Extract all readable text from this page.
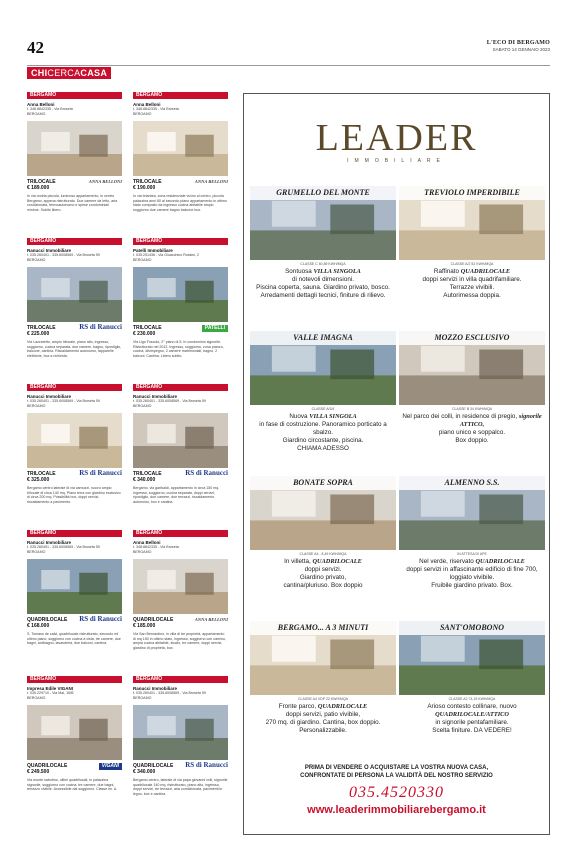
42	L'ECO DI BERGAMO
SABATO 14 GENNAIO 2023
CHICERCACASA
BERGAMO
Anna Belloni
t. 348.8842335 - Via Broseta
BERGAMO
TRILOCALE
€ 189.000
ANNA BELLONI
In via orobia piccola, luminoso appartamento, in centro Bergamo, appena ristrutturato. Due camere da letto, aria condizionata, termoautonomo e spese condominiali minime. Subito libero.
BERGAMO
Ranucci Immobiliare
t. 035.260401 - 335.6008569 - Via Broseta 59
BERGAMO
TRILOCALE
€ 225.000
RS di Ranucci
Via Lazzaretto, ampio trilocale, piano alto, ingresso, soggiorno, cucina separata, due camere, bagno, ripostiglio, balcone, cantina. Riscaldamento autonomo, tapparelle elettriche, box a richiesta.
BERGAMO
Ranucci Immobiliare
t. 035.260401 - 335.6008569 - Via Broseta 59
BERGAMO
TRILOCALE
€ 325.000
RS di Ranucci
Bergamo centro laterale di via camozzi, nuovo ampio trilocale di circa 140 mq. Piano terra con giardino esclusivo di circa 200 mq. Possibilità box, doppi servizi, riscaldamento a pavimento.
BERGAMO
Ranucci Immobiliare
t. 035.260401 - 335.6008569 - Via Broseta 59
BERGAMO
QUADRILOCALE
€ 168.000
RS di Ranucci
S. Tomaso de calvi, quadrilocale ristrutturato, secondo ed ultimo piano, soggiorno con cucina a vista, tre camere, due bagni, antibagno, lavanderia, due balconi, cantina.
BERGAMO
Impresa Edile VIGANI
t. 035.229710 - Via Mai, 16/B
BERGAMO
QUADRILOCALE
€ 249.500
VIGANI
Via monte sabotino, ultimi quadrilocali, in palazzina signorile, soggiorno con cucina, tre camere, due bagni, terrazzo vivibile. Accessibile dal soggiorno. Classe en. A.
BERGAMO
Anna Belloni
t. 348.8842335 - Via Broseta
BERGAMO
TRILOCALE
€ 190.000
ANNA BELLONI
In via briantea, zona residenziale vicino al centro, piccola palazzina anni 80 al secondo piano appartamento in ottimo stato composto da ingresso cucina abitabile ampio soggiorno due camere bagno balcone box.
BERGAMO
Patelli Immobiliare
t. 035.251436 - Via Gioacchino Rossini, 2
BERGAMO
TRILOCALE
€ 230.000
PATELLI
Via Ugo Foscolo, 2° piano di 5. In condominio signorile. Ristrutturato nel 2012. Ingresso, soggiorno, zona pranzo, cucina, disimpegno, 2 camere matrimoniali, bagno, 2 balconi. Cantina. Libero subito.
BERGAMO
Ranucci Immobiliare
t. 035.260401 - 335.6008569 - Via Broseta 59
BERGAMO
TRILOCALE
€ 340.000
RS di Ranucci
Bergamo, via garibaldi, appartamento in circa 150 mq. Ingresso, soggiorno, cucina separata, doppi servizi, ripostiglio, due camere, due terrazzi, riscaldamento autonomo, box e cantina.
BERGAMO
Anna Belloni
t. 348.8842335 - Via Broseta
BERGAMO
QUADRILOCALE
€ 185.000
ANNA BELLONI
Via San Bernardino, in villa di tre proprietà, appartamento di mq 150 in ottimo stato, ingresso, soggiorno con camino, ampia cucina abitabile, studio, tre camere, doppi servizi, giardino di proprietà, box.
BERGAMO
Ranucci Immobiliare
t. 035.260401 - 335.6008569 - Via Broseta 59
BERGAMO
QUADRILOCALE
€ 340.000
RS di Ranucci
Bergamo centro, laterale di via papa giovanni xxiii, signorile quadrilocale 140 mq, ristrutturato, piano alto, ingresso, doppi servizi, tre terrazzi, aria condizionata, pavimenti in legno, box e cantina.
LEADER
IMMOBILIARE
GRUMELLO DEL MONTE
CLASSE C 60,89 KWH/MQA
Sontuosa VILLA SINGOLA
di notevoli dimensioni.
Piscina coperta, sauna. Giardino privato, bosco.
Arredamenti dettagli tecnici, finiture di rilievo.
TREVIOLO IMPERDIBILE
CLASSE A/2 52 KWH/MQA
Raffinato QUADRILOCALE
doppi servizi in villa quadrifamiliare.
Terrazze vivibili.
Autorimessa doppia.
VALLE IMAGNA
CLASSE A/3/4
Nuova VILLA SINGOLA
in fase di costruzione. Panoramico porticato a sbalzo.
Giardino circostante, piscina.
CHIAMA ADESSO
MOZZO ESCLUSIVO
CLASSE B 34 KWH/MQA
Nel parco dei colli, in residence di pregio, signorile ATTICO,
piano unico e soppalco.
Box doppio.

BONATE SOPRA
CLASSE A4 - 8,49 KWH/MQA
In villetta, QUADRILOCALE
doppi servizi.
Giardino privato,
cantina/pluriuso. Box doppio
ALMENNO S.S.
IN ATTESA DI APE
Nel verde, riservato QUADRILOCALE
doppi servizi in affascinante edificio di fine 700, loggiato vivibile.
Fruibile giardino privato. Box.

BERGAMO... A 3 MINUTI
CLASSE A4 VDP 22 KWH/MQA
Fronte parco, QUADRILOCALE
doppi servizi, patio vivibile,
270 mq. di giardino. Cantina, box doppio.
Personalizzabile.
SANT'OMOBONO
CLASSE A2 74,15 KWH/MQA
Arioso contesto collinare, nuovo QUADRILOCALE/ATTICO
in signorile pentafamiliare.
Scelta finiture. DA VEDERE!

PRIMA DI VENDERE O ACQUISTARE LA VOSTRA NUOVA CASA,
CONFRONTATE DI PERSONA LA VALIDITÀ DEL NOSTRO SERVIZIO
035.4520330
www.leaderimmobiliarebergamo.it
